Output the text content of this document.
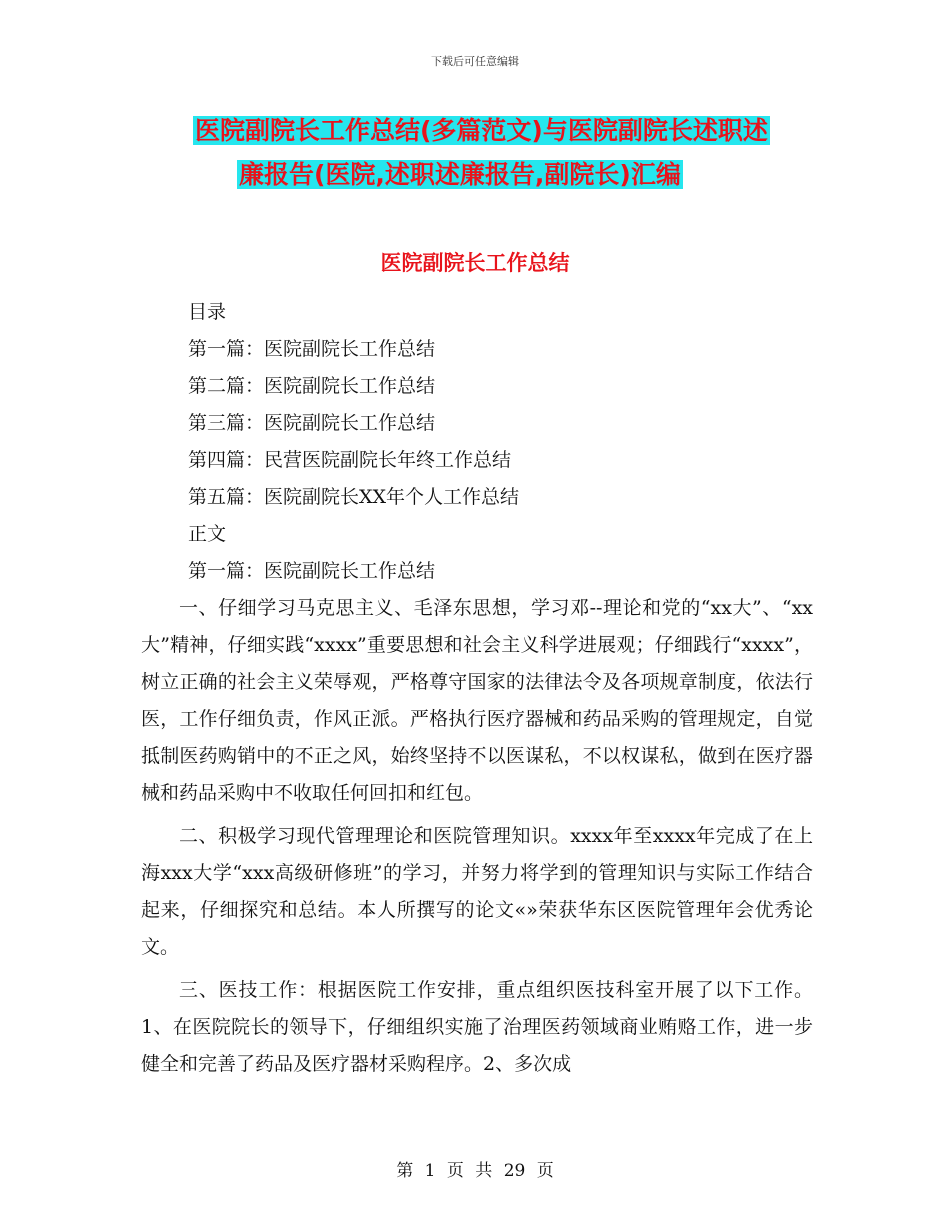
下载后可任意编辑
医院副院长工作总结(多篇范文)与医院副院长述职述
廉报告(医院,述职述廉报告,副院长)汇编
医院副院长工作总结
目录
第一篇：医院副院长工作总结
第二篇：医院副院长工作总结
第三篇：医院副院长工作总结
第四篇：民营医院副院长年终工作总结
第五篇：医院副院长XX年个人工作总结
正文
第一篇：医院副院长工作总结

一、仔细学习马克思主义、毛泽东思想，学习邓--理论和党的“xx大”、“xx大”精神，仔细实践“xxxx”重要思想和社会主义科学进展观；仔细践行“xxxx”，树立正确的社会主义荣辱观，严格尊守国家的法律法令及各项规章制度，依法行医，工作仔细负责，作风正派。严格执行医疗器械和药品采购的管理规定，自觉抵制医药购销中的不正之风，始终坚持不以医谋私，不以权谋私，做到在医疗器械和药品采购中不收取任何回扣和红包。

二、积极学习现代管理理论和医院管理知识。xxxx年至xxxx年完成了在上海xxx大学“xxx高级研修班”的学习，并努力将学到的管理知识与实际工作结合起来，仔细探究和总结。本人所撰写的论文«»荣获华东区医院管理年会优秀论文。

三、医技工作：根据医院工作安排，重点组织医技科室开展了以下工作。1、在医院院长的领导下，仔细组织实施了治理医药领域商业贿赂工作，进一步健全和完善了药品及医疗器材采购程序。2、多次成

第 1 页 共 29 页
